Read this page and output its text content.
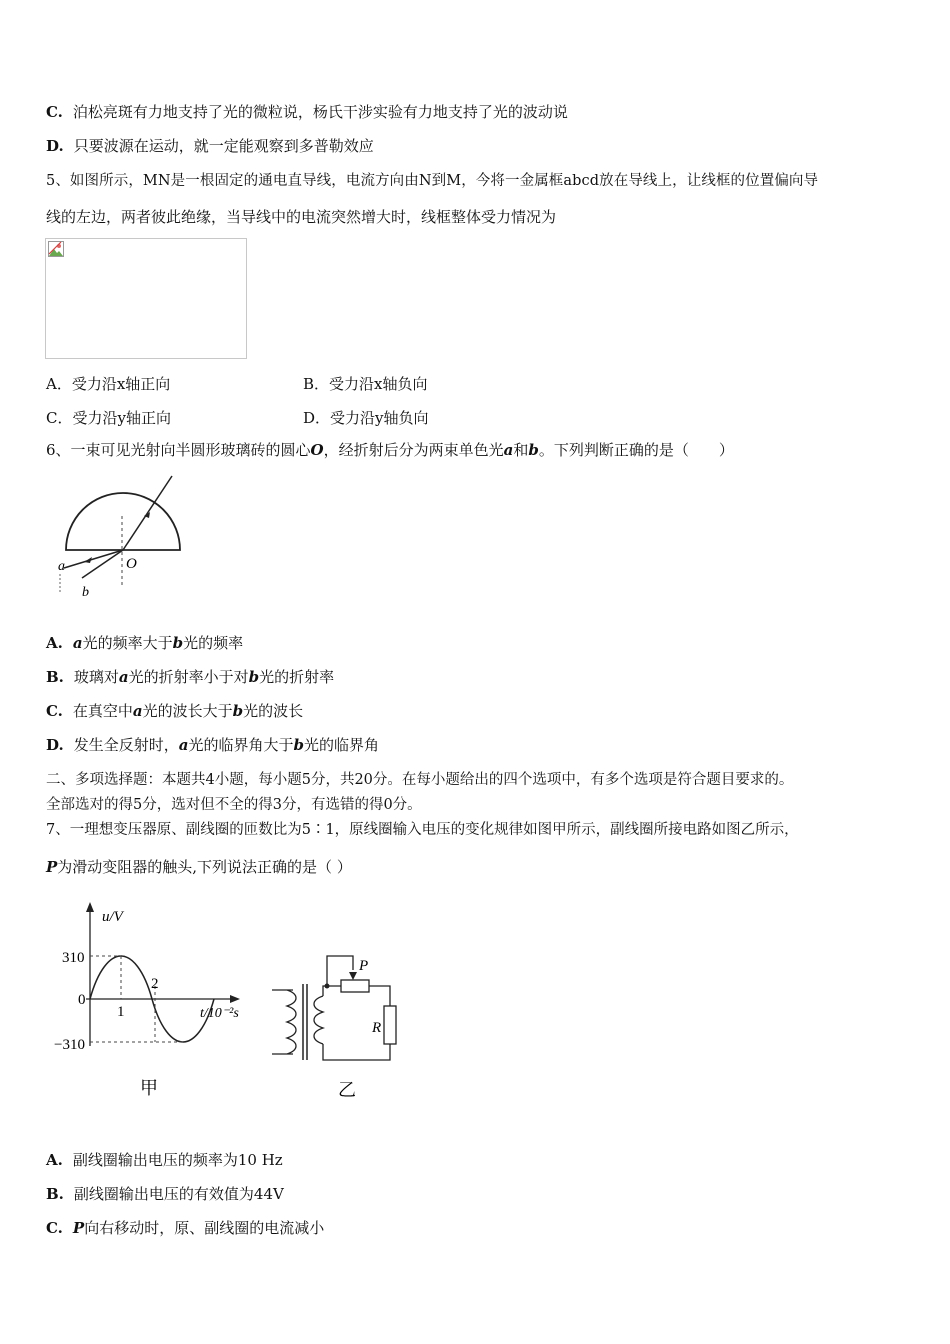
C. 泊松亮斑有力地支持了光的微粒说，杨氏干涉实验有力地支持了光的波动说
D. 只要波源在运动，就一定能观察到多普勒效应
5、如图所示，MN是一根固定的通电直导线，电流方向由N到M，今将一金属框abcd放在导线上，让线框的位置偏向导
线的左边，两者彼此绝缘，当导线中的电流突然增大时，线框整体受力情况为
A．受力沿x轴正向	B．受力沿x轴负向
C．受力沿y轴正向	D．受力沿y轴负向
6、一束可见光射向半圆形玻璃砖的圆心O，经折射后分为两束单色光a和b。下列判断正确的是（　　）
O
a
b
A. a光的频率大于b光的频率
B. 玻璃对a光的折射率小于对b光的折射率
C. 在真空中a光的波长大于b光的波长
D. 发生全反射时，a光的临界角大于b光的临界角
二、多项选择题：本题共4小题，每小题5分，共20分。在每小题给出的四个选项中，有多个选项是符合题目要求的。
全部选对的得5分，选对但不全的得3分，有选错的得0分。
7、一理想变压器原、副线圈的匝数比为5∶1，原线圈输入电压的变化规律如图甲所示，副线圈所接电路如图乙所示，
P为滑动变阻器的触头,下列说法正确的是（ ）
u/V
310
0
−310
1
2
t/10⁻²s
甲
P
R
乙
A. 副线圈输出电压的频率为10 Hz
B. 副线圈输出电压的有效值为44V
C. P向右移动时，原、副线圈的电流减小
